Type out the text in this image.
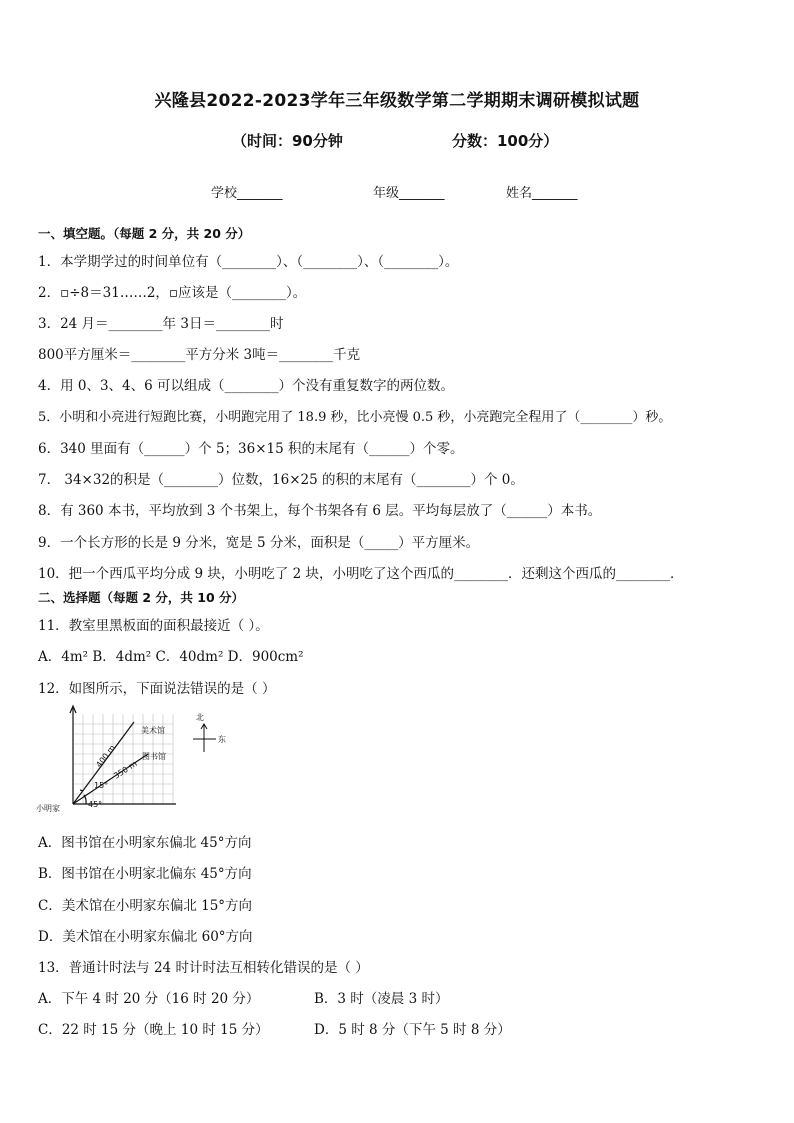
兴隆县2022-2023学年三年级数学第二学期期末调研模拟试题
（时间：90分钟	分数：100分）
学校_______	年级_______	姓名_______
一、填空题。（每题 2 分，共 20 分）
1．本学期学过的时间单位有（________）、（________）、（________）。
2．▫÷8＝31……2，▫应该是（________）。
3．24 月＝________年 3日＝________时
800平方厘米＝________平方分米 3吨＝________千克
4．用 0、3、4、6 可以组成（________）个没有重复数字的两位数。
5．小明和小亮进行短跑比赛，小明跑完用了 18.9 秒，比小亮慢 0.5 秒，小亮跑完全程用了（________）秒。
6．340 里面有（______）个 5；36×15 积的末尾有（______）个零。
7． 34×32的积是（________）位数，16×25 的积的末尾有（________）个 0。
8．有 360 本书，平均放到 3 个书架上，每个书架各有 6 层。平均每层放了（______）本书。
9．一个长方形的长是 9 分米，宽是 5 分米，面积是（_____）平方厘米。
10．把一个西瓜平均分成 9 块，小明吃了 2 块，小明吃了这个西瓜的________．还剩这个西瓜的________．
二、选择题（每题 2 分，共 10 分）
11．教室里黑板面的面积最接近（ ）。
A．4m² B．4dm² C．40dm² D．900cm²
12．如图所示，下面说法错误的是（ ）
美术馆
图书馆
小明家
北
东
400 m
350 m
15°
45°
A．图书馆在小明家东偏北 45°方向
B．图书馆在小明家北偏东 45°方向
C．美术馆在小明家东偏北 15°方向
D．美术馆在小明家东偏北 60°方向
13．普通计时法与 24 时计时法互相转化错误的是（ ）
A．下午 4 时 20 分（16 时 20 分）	B．3 时（凌晨 3 时）
C．22 时 15 分（晚上 10 时 15 分）	D．5 时 8 分（下午 5 时 8 分）
